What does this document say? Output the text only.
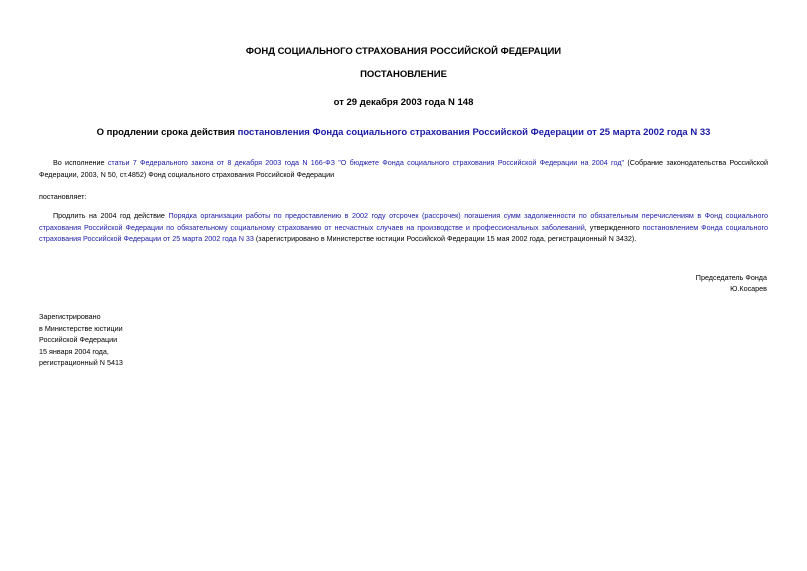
ФОНД СОЦИАЛЬНОГО СТРАХОВАНИЯ РОССИЙСКОЙ ФЕДЕРАЦИИ
ПОСТАНОВЛЕНИЕ
от 29 декабря 2003 года N 148
О продлении срока действия постановления Фонда социального страхования Российской Федерации от 25 марта 2002 года N 33
Во исполнение статьи 7 Федерального закона от 8 декабря 2003 года N 166-ФЗ "О бюджете Фонда социального страхования Российской Федерации на 2004 год" (Собрание законодательства Российской Федерации, 2003, N 50, ст.4852) Фонд социального страхования Российской Федерации
постановляет:
Продлить на 2004 год действие Порядка организации работы по предоставлению в 2002 году отсрочек (рассрочек) погашения сумм задолженности по обязательным перечислениям в Фонд социального страхования Российской Федерации по обязательному социальному страхованию от несчастных случаев на производстве и профессиональных заболеваний, утвержденного постановлением Фонда социального страхования Российской Федерации от 25 марта 2002 года N 33 (зарегистрировано в Министерстве юстиции Российской Федерации 15 мая 2002 года, регистрационный N 3432).
Председатель Фонда
Ю.Косарев
Зарегистрировано
в Министерстве юстиции
Российской Федерации
15 января 2004 года,
регистрационный N 5413
